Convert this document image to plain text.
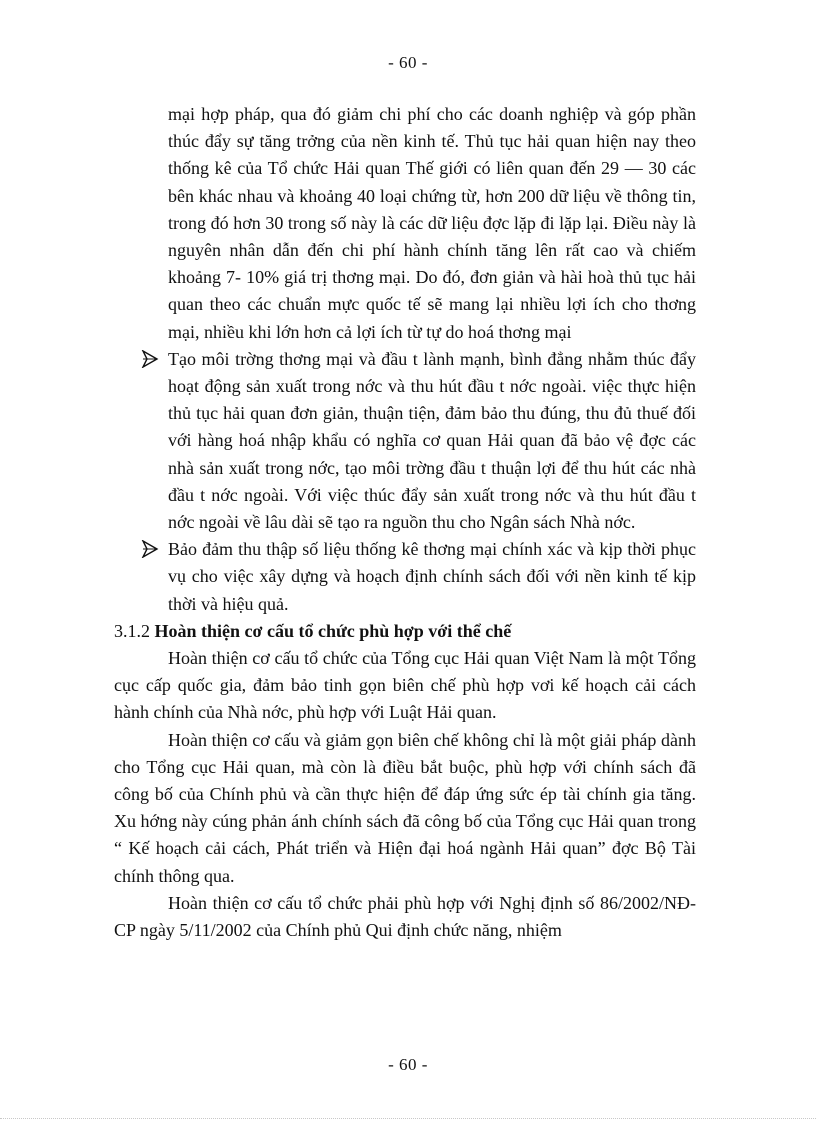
- 60 -

mại hợp pháp, qua đó giảm chi phí cho các doanh nghiệp và góp phần thúc đẩy sự tăng trởng của nền kinh tế. Thủ tục hải quan hiện nay theo thống kê của Tổ chức Hải quan Thế giới có liên quan đến 29 — 30 các bên khác nhau và khoảng 40 loại chứng từ, hơn 200 dữ liệu về thông tin, trong đó hơn 30 trong số này là các dữ liệu đợc lặp đi lặp lại. Điều này là nguyên nhân dẫn đến chi phí hành chính tăng lên rất cao và chiếm khoảng 7- 10% giá trị thơng mại. Do đó, đơn giản và hài hoà thủ tục hải quan theo các chuẩn mực quốc tế sẽ mang lại nhiều lợi ích cho thơng mại, nhiều khi lớn hơn cả lợi ích từ tự do hoá thơng mại

Tạo môi trờng thơng mại và đầu t lành mạnh, bình đẳng nhằm thúc đẩy hoạt động sản xuất trong nớc và thu hút đầu t nớc ngoài. việc thực hiện thủ tục hải quan đơn giản, thuận tiện, đảm bảo thu đúng, thu đủ thuế đối với hàng hoá nhập khẩu có nghĩa cơ quan Hải quan đã bảo vệ đợc các nhà sản xuất trong nớc, tạo môi trờng đầu t thuận lợi để thu hút các nhà đầu t nớc ngoài. Với việc thúc đẩy sản xuất trong nớc và thu hút đầu t nớc ngoài về lâu dài sẽ tạo ra nguồn thu cho Ngân sách Nhà nớc.
Bảo đảm thu thập số liệu thống kê thơng mại chính xác và kịp thời phục vụ cho việc xây dựng và hoạch định chính sách đối với nền kinh tế kịp thời và hiệu quả.

3.1.2 Hoàn thiện cơ cấu tổ chức phù hợp với thể chế

Hoàn thiện cơ cấu tổ chức của Tổng cục Hải quan Việt Nam là một Tổng cục cấp quốc gia, đảm bảo tinh gọn biên chế phù hợp vơi kế hoạch cải cách hành chính của Nhà nớc, phù hợp với Luật Hải quan.

Hoàn thiện cơ cấu và giảm gọn biên chế không chỉ là một giải pháp dành cho Tổng cục Hải quan, mà còn là điều bắt buộc, phù hợp với chính sách đã công bố của Chính phủ và cần thực hiện để đáp ứng sức ép tài chính gia tăng. Xu hớng này cúng phản ánh chính sách đã công bố của Tổng cục Hải quan trong “ Kế hoạch cải cách, Phát triển và Hiện đại hoá ngành Hải quan” đợc Bộ Tài chính thông qua.

Hoàn thiện cơ cấu tổ chức phải phù hợp với Nghị định số 86/2002/NĐ-CP ngày 5/11/2002 của Chính phủ Qui định chức năng, nhiệm

- 60 -
